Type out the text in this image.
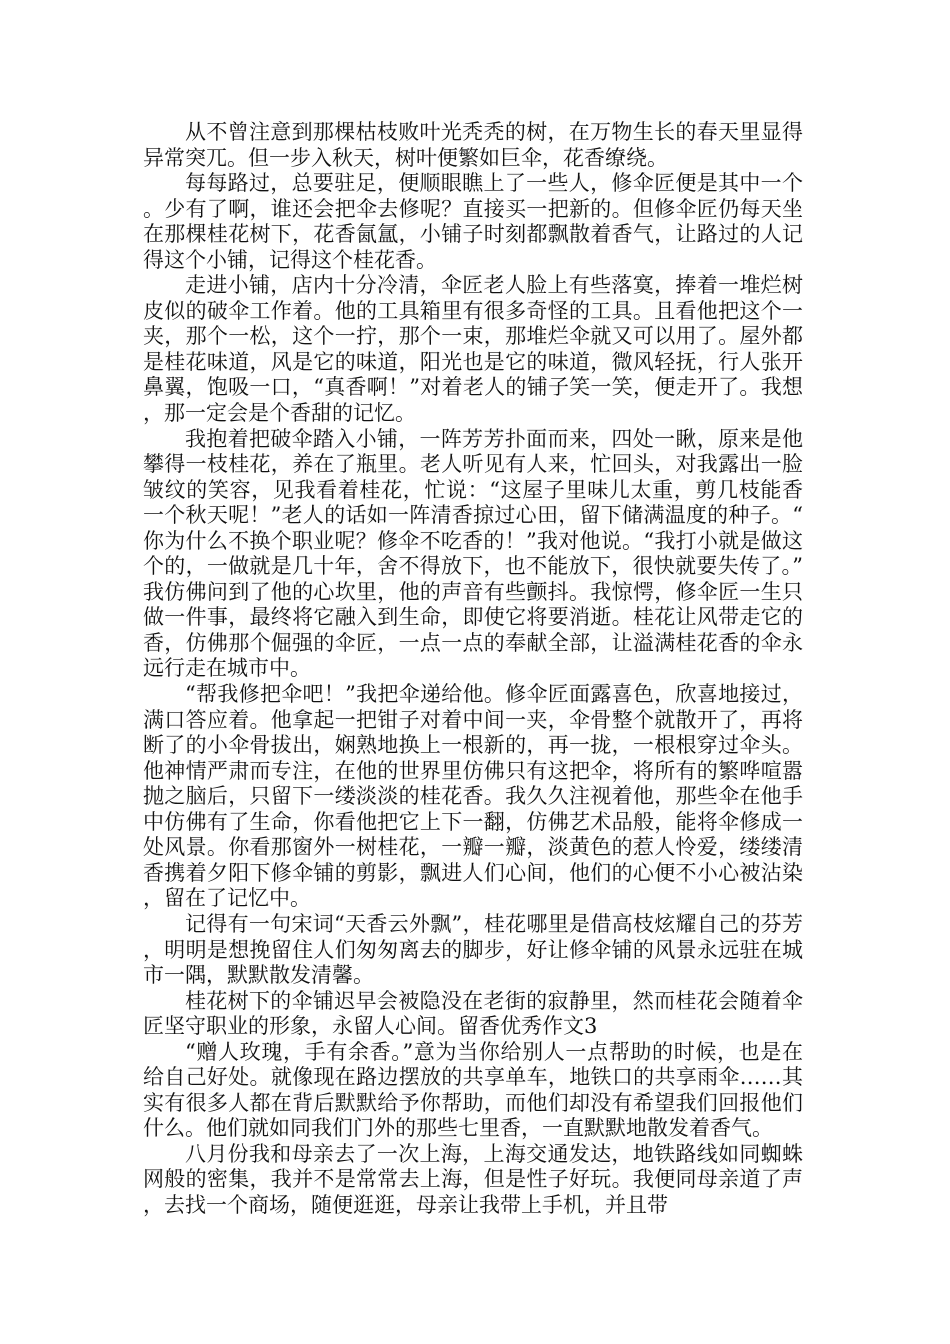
从不曾注意到那棵枯枝败叶光秃秃的树，在万物生长的春天里显得异常突兀。但一步入秋天，树叶便繁如巨伞，花香缭绕。

每每路过，总要驻足，便顺眼瞧上了一些人，修伞匠便是其中一个。少有了啊，谁还会把伞去修呢？直接买一把新的。但修伞匠仍每天坐在那棵桂花树下，花香氤氲，小铺子时刻都飘散着香气，让路过的人记得这个小铺，记得这个桂花香。

走进小铺，店内十分冷清，伞匠老人脸上有些落寞，捧着一堆烂树皮似的破伞工作着。他的工具箱里有很多奇怪的工具。且看他把这个一夹，那个一松，这个一拧，那个一束，那堆烂伞就又可以用了。屋外都是桂花味道，风是它的味道，阳光也是它的味道，微风轻抚，行人张开鼻翼，饱吸一口，“真香啊！”对着老人的铺子笑一笑，便走开了。我想，那一定会是个香甜的记忆。

我抱着把破伞踏入小铺，一阵芳芳扑面而来，四处一瞅，原来是他攀得一枝桂花，养在了瓶里。老人听见有人来，忙回头，对我露出一脸皱纹的笑容，见我看着桂花，忙说：“这屋子里味儿太重，剪几枝能香一个秋天呢！”老人的话如一阵清香掠过心田，留下储满温度的种子。“你为什么不换个职业呢？修伞不吃香的！”我对他说。“我打小就是做这个的，一做就是几十年，舍不得放下，也不能放下，很快就要失传了。”我仿佛问到了他的心坎里，他的声音有些颤抖。我惊愕，修伞匠一生只做一件事，最终将它融入到生命，即使它将要消逝。桂花让风带走它的香，仿佛那个倔强的伞匠，一点一点的奉献全部，让溢满桂花香的伞永远行走在城市中。

“帮我修把伞吧！”我把伞递给他。修伞匠面露喜色，欣喜地接过，满口答应着。他拿起一把钳子对着中间一夹，伞骨整个就散开了，再将断了的小伞骨拔出，娴熟地换上一根新的，再一拢，一根根穿过伞头。他神情严肃而专注，在他的世界里仿佛只有这把伞，将所有的繁哗喧嚣抛之脑后，只留下一缕淡淡的桂花香。我久久注视着他，那些伞在他手中仿佛有了生命，你看他把它上下一翻，仿佛艺术品般，能将伞修成一处风景。你看那窗外一树桂花，一瓣一瓣，淡黄色的惹人怜爱，缕缕清香携着夕阳下修伞铺的剪影，飘进人们心间，他们的心便不小心被沾染，留在了记忆中。

记得有一句宋词“天香云外飘”，桂花哪里是借高枝炫耀自己的芬芳，明明是想挽留住人们匆匆离去的脚步，好让修伞铺的风景永远驻在城市一隅，默默散发清馨。

桂花树下的伞铺迟早会被隐没在老街的寂静里，然而桂花会随着伞匠坚守职业的形象，永留人心间。留香优秀作文3

“赠人玫瑰，手有余香。”意为当你给别人一点帮助的时候，也是在给自己好处。就像现在路边摆放的共享单车，地铁口的共享雨伞……其实有很多人都在背后默默给予你帮助，而他们却没有希望我们回报他们什么。他们就如同我们门外的那些七里香，一直默默地散发着香气。

八月份我和母亲去了一次上海，上海交通发达，地铁路线如同蜘蛛网般的密集，我并不是常常去上海，但是性子好玩。我便同母亲道了声，去找一个商场，随便逛逛，母亲让我带上手机，并且带
